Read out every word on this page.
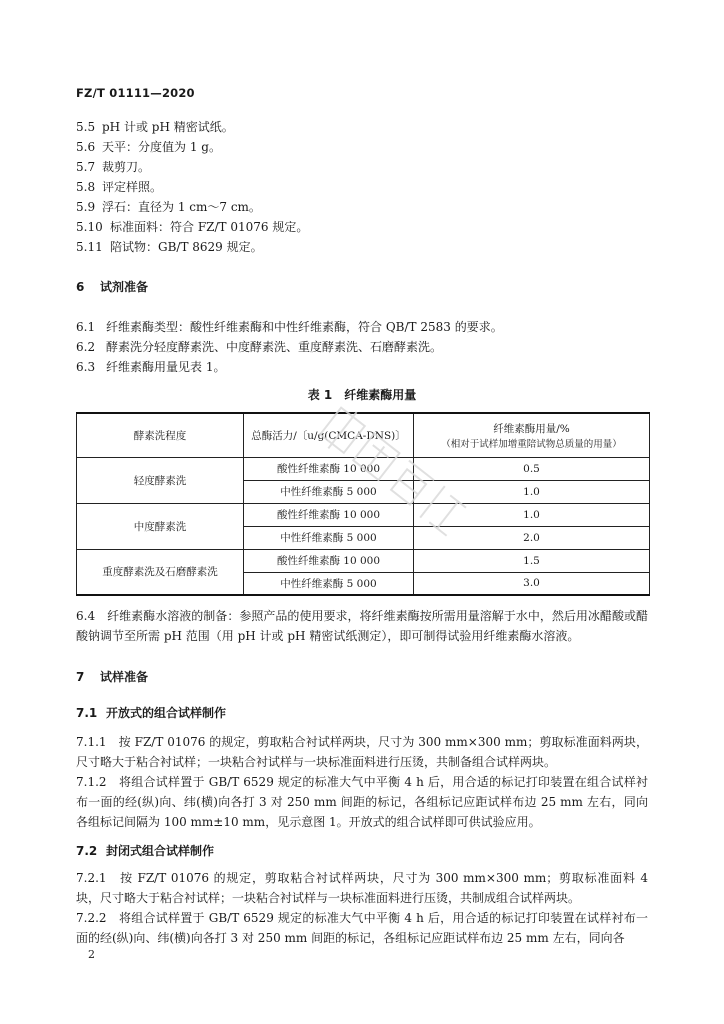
FZ/T 01111—2020
5.5 pH 计或 pH 精密试纸。
5.6 天平：分度值为 1 g。
5.7 裁剪刀。
5.8 评定样照。
5.9 浮石：直径为 1 cm～7 cm。
5.10 标准面料：符合 FZ/T 01076 规定。
5.11 陪试物：GB/T 8629 规定。
6 试剂准备
6.1 纤维素酶类型：酸性纤维素酶和中性纤维素酶，符合 QB/T 2583 的要求。
6.2 酵素洗分轻度酵素洗、中度酵素洗、重度酵素洗、石磨酵素洗。
6.3 纤维素酶用量见表 1。
表 1　纤维素酶用量
酵素洗程度	总酶活力/〔u/g(CMCA-DNS)〕	纤维素酶用量/%
（相对于试样加增重陪试物总质量的用量）

轻度酵素洗	酸性纤维素酶 10 000	0.5
	中性纤维素酶 5 000	1.0
中度酵素洗	酸性纤维素酶 10 000	1.0
	中性纤维素酶 5 000	2.0
重度酵素洗及石磨酵素洗	酸性纤维素酶 10 000	1.5
	中性纤维素酶 5 000	3.0
6.4　纤维素酶水溶液的制备：参照产品的使用要求，将纤维素酶按所需用量溶解于水中，然后用冰醋酸或醋酸钠调节至所需 pH 范围（用 pH 计或 pH 精密试纸测定），即可制得试验用纤维素酶水溶液。
7 试样准备
7.1 开放式的组合试样制作
7.1.1　按 FZ/T 01076 的规定，剪取粘合衬试样两块，尺寸为 300 mm×300 mm；剪取标准面料两块，尺寸略大于粘合衬试样；一块粘合衬试样与一块标准面料进行压烫，共制备组合试样两块。
7.1.2　将组合试样置于 GB/T 6529 规定的标准大气中平衡 4 h 后，用合适的标记打印装置在组合试样衬布一面的经(纵)向、纬(横)向各打 3 对 250 mm 间距的标记，各组标记应距试样布边 25 mm 左右，同向各组标记间隔为 100 mm±10 mm，见示意图 1。开放式的组合试样即可供试验应用。
7.2 封闭式组合试样制作
7.2.1　按 FZ/T 01076 的规定，剪取粘合衬试样两块，尺寸为 300 mm×300 mm；剪取标准面料 4 块，尺寸略大于粘合衬试样；一块粘合衬试样与一块标准面料进行压烫，共制成组合试样两块。
7.2.2　将组合试样置于 GB/T 6529 规定的标准大气中平衡 4 h 后，用合适的标记打印装置在试样衬布一面的经(纵)向、纬(横)向各打 3 对 250 mm 间距的标记，各组标记应距试样布边 25 mm 左右，同向各
2
